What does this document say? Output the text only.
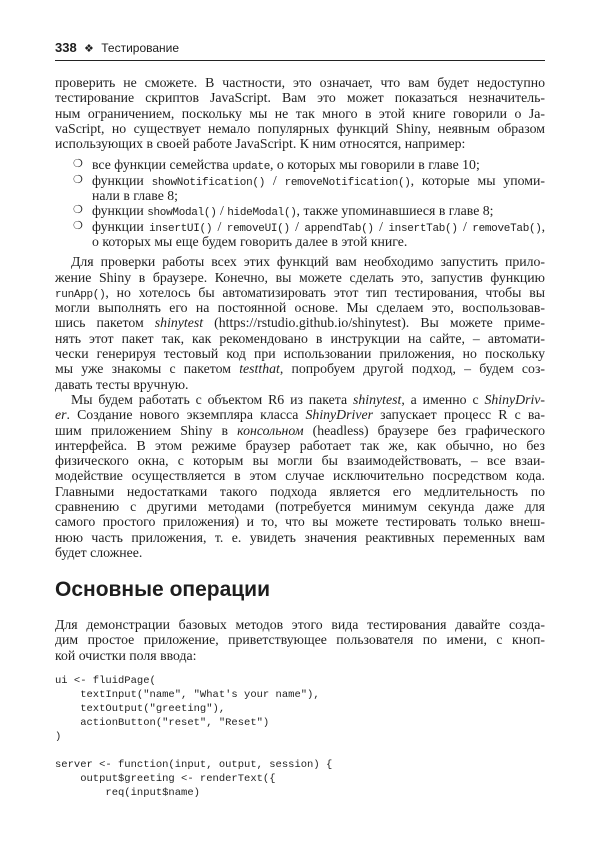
338 ❖ Тестирование
проверить не сможете. В частности, это означает, что вам будет недоступно
тестирование скриптов JavaScript. Вам это может показаться незначитель-
ным ограничением, поскольку мы не так много в этой книге говорили о Ja-
vaScript, но существует немало популярных функций Shiny, неявным образом
использующих в своей работе JavaScript. К ним относятся, например:
❍ все функции семейства update, о которых мы говорили в главе 10;
❍ функции showNotification() / removeNotification(), которые мы упоми-
нали в главе 8;
❍ функции showModal() / hideModal(), также упоминавшиеся в главе 8;
❍ функции insertUI() / removeUI() / appendTab() / insertTab() / removeTab(),
о которых мы еще будем говорить далее в этой книге.
Для проверки работы всех этих функций вам необходимо запустить прило-
жение Shiny в браузере. Конечно, вы можете сделать это, запустив функцию
runApp(), но хотелось бы автоматизировать этот тип тестирования, чтобы вы
могли выполнять его на постоянной основе. Мы сделаем это, воспользовав-
шись пакетом shinytest (https://rstudio.github.io/shinytest). Вы можете приме-
нять этот пакет так, как рекомендовано в инструкции на сайте, – автомати-
чески генерируя тестовый код при использовании приложения, но поскольку
мы уже знакомы с пакетом testthat, попробуем другой подход, – будем соз-
давать тесты вручную.
Мы будем работать с объектом R6 из пакета shinytest, а именно с ShinyDriv-
er. Создание нового экземпляра класса ShinyDriver запускает процесс R с ва-
шим приложением Shiny в консольном (headless) браузере без графического
интерфейса. В этом режиме браузер работает так же, как обычно, но без
физического окна, с которым вы могли бы взаимодействовать, – все взаи-
модействие осуществляется в этом случае исключительно посредством кода.
Главными недостатками такого подхода является его медлительность по
сравнению с другими методами (потребуется минимум секунда даже для
самого простого приложения) и то, что вы можете тестировать только внеш-
нюю часть приложения, т. е. увидеть значения реактивных переменных вам
будет сложнее.
Основные операции
Для демонстрации базовых методов этого вида тестирования давайте созда-
дим простое приложение, приветствующее пользователя по имени, с кноп-
кой очистки поля ввода:
ui <- fluidPage(
textInput("name", "What's your name"),
textOutput("greeting"),
actionButton("reset", "Reset")
)

server <- function(input, output, session) {
output$greeting <- renderText({
req(input$name)
